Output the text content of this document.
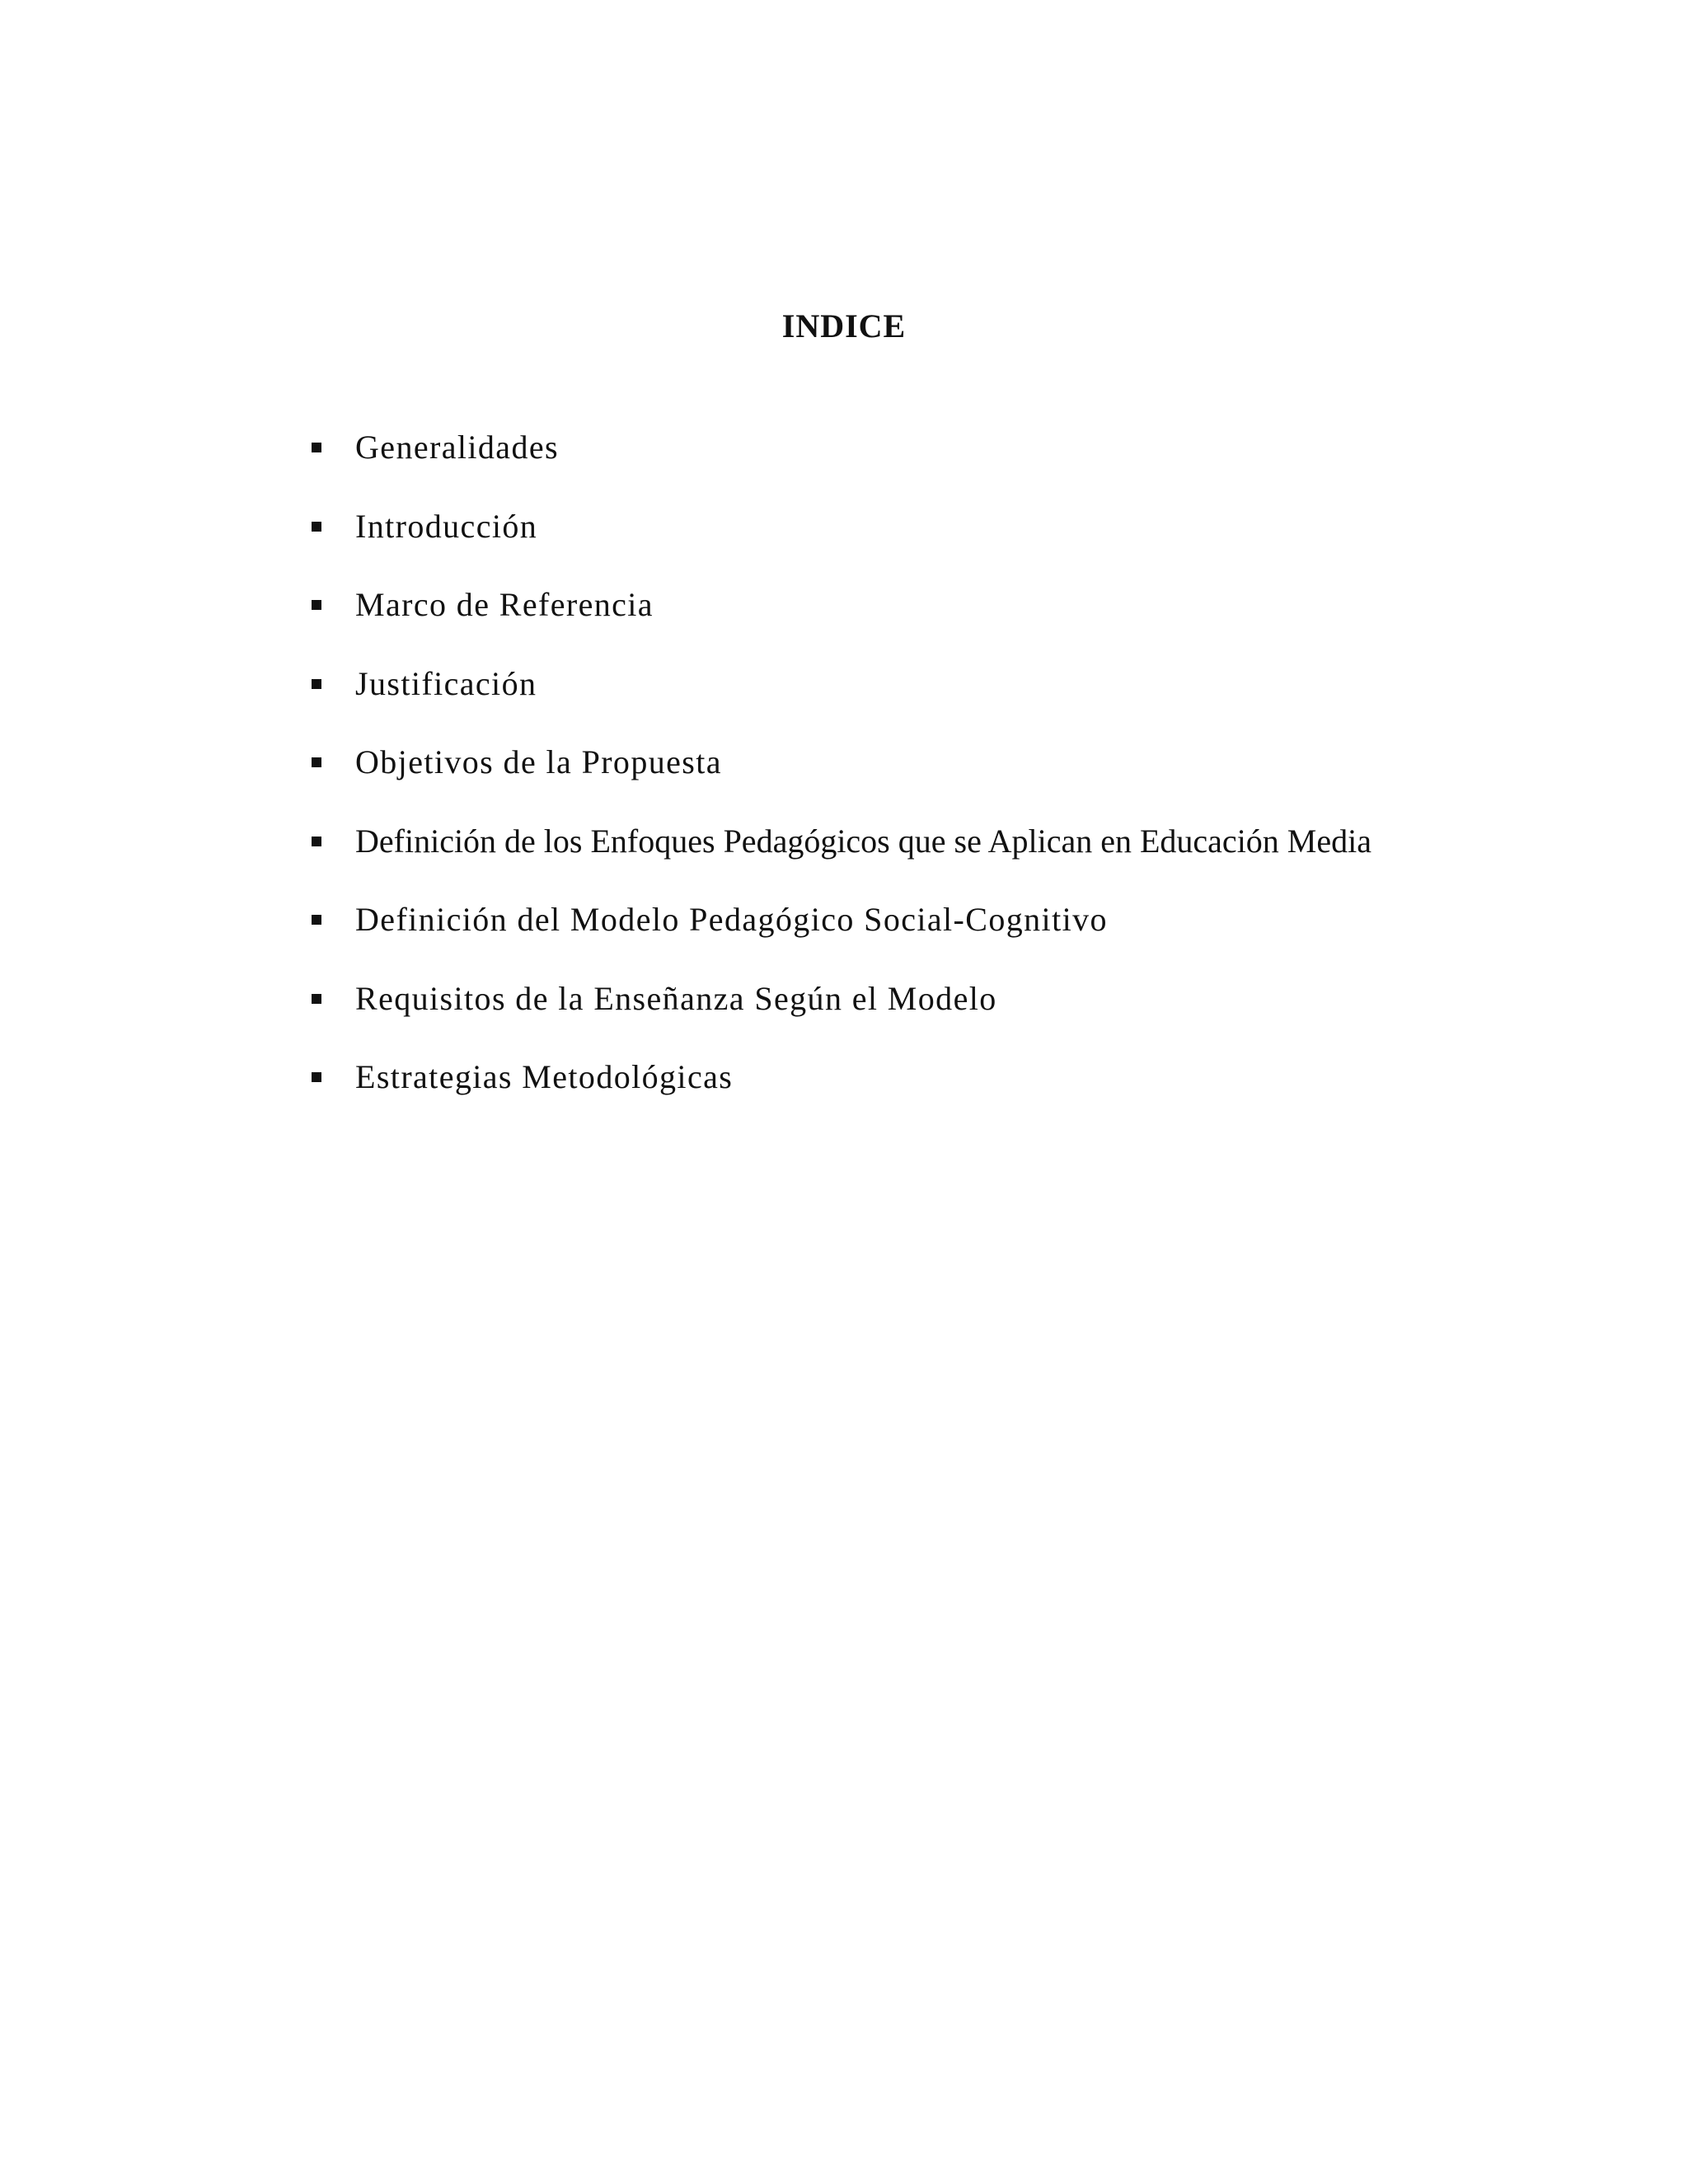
INDICE
Generalidades
Introducción
Marco de Referencia
Justificación
Objetivos de la Propuesta
Definición de los Enfoques Pedagógicos que se Aplican en Educación Media
Definición del Modelo Pedagógico Social-Cognitivo
Requisitos de la Enseñanza Según el Modelo
Estrategias Metodológicas
